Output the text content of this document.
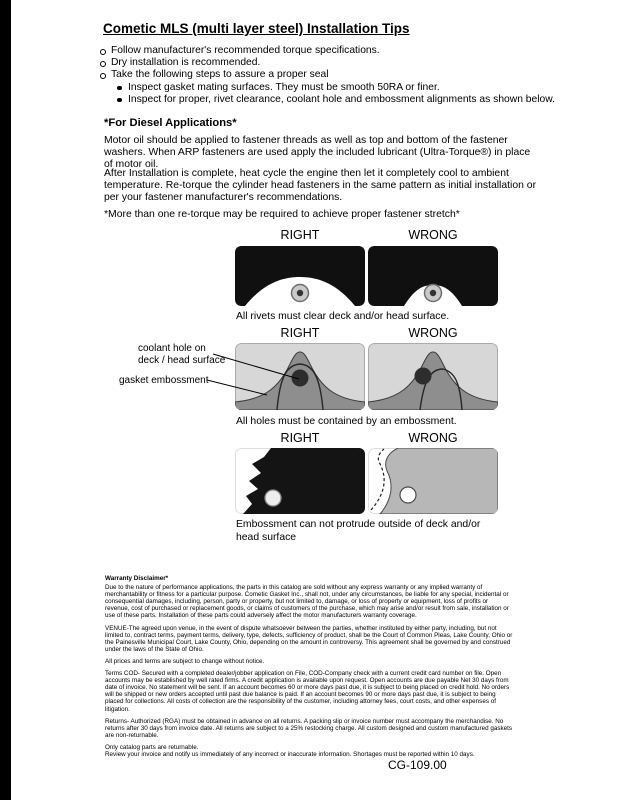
Cometic MLS (multi layer steel) Installation Tips
Follow manufacturer's recommended torque specifications.
Dry installation is recommended.
Take the following steps to assure a proper seal
Inspect gasket mating surfaces. They must be smooth 50RA or finer.
Inspect for proper, rivet clearance, coolant hole and embossment alignments as shown below.
*For Diesel Applications*
Motor oil should be applied to fastener threads as well as top and bottom of the fastener washers. When ARP fasteners are used apply the included lubricant (Ultra-Torque®) in place of motor oil.
After Installation is complete, heat cycle the engine then let it completely cool to ambient temperature. Re-torque the cylinder head fasteners in the same pattern as initial installation or per your fastener manufacturer's recommendations.
*More than one re-torque may be required to achieve proper fastener stretch*
RIGHT	WRONG
All rivets must clear deck and/or head surface.
RIGHT	WRONG
coolant hole on
deck / head surface
gasket embossment
All holes must be contained by an embossment.
RIGHT	WRONG
Embossment can not protrude outside of deck and/or head surface
Warranty Disclaimer*

Due to the nature of performance applications, the parts in this catalog are sold without any express warranty or any implied warranty of merchantability or fitness for a particular purpose. Cometic Gasket Inc., shall not, under any circumstances, be liable for any special, incidental or consequential damages, including, person, party or property, but not limited to, damage, or loss of property or equipment, loss of profits or revenue, cost of purchased or replacement goods, or claims of customers of the purchase, which may arise and/or result from sale, installation or use of these parts. Installation of these parts could adversely affect the motor manufacturers warranty coverage.

VENUE-The agreed upon venue, in the event of dispute whatsoever between the parties, whether instituted by either party, including, but not limited to, contract terms, payment terms, delivery, type, defects, sufficiency of product, shall be the Court of Common Pleas, Lake County, Ohio or the Painesville Municipal Court, Lake County, Ohio, depending on the amount in controversy. This agreement shall be governed by and construed under the laws of the State of Ohio.

All prices and terms are subject to change without notice.

Terms COD- Secured with a completed dealer/jobber application on File, COD-Company check with a current credit card number on file. Open accounts may be established by well rated firms. A credit application is available upon request. Open accounts are due payable Net 30 days from date of invoice. No statement will be sent. If an account becomes 60 or more days past due, it is subject to being placed on credit hold. No orders will be shipped or new orders accepted until past due balance is paid. If an account becomes 90 or more days past due, it is subject to being placed for collections. All costs of collection are the responsibility of the customer, including attorney fees, court costs, and other expenses of litigation.

Returns- Authorized (RGA) must be obtained in advance on all returns. A packing slip or invoice number must accompany the merchandise. No returns after 30 days from invoice date. All returns are subject to a 25% restocking charge. All custom designed and custom manufactured gaskets are non-returnable.

Only catalog parts are returnable.

Review your invoice and notify us immediately of any incorrect or inaccurate information. Shortages must be reported within 10 days.

CG-109.00
